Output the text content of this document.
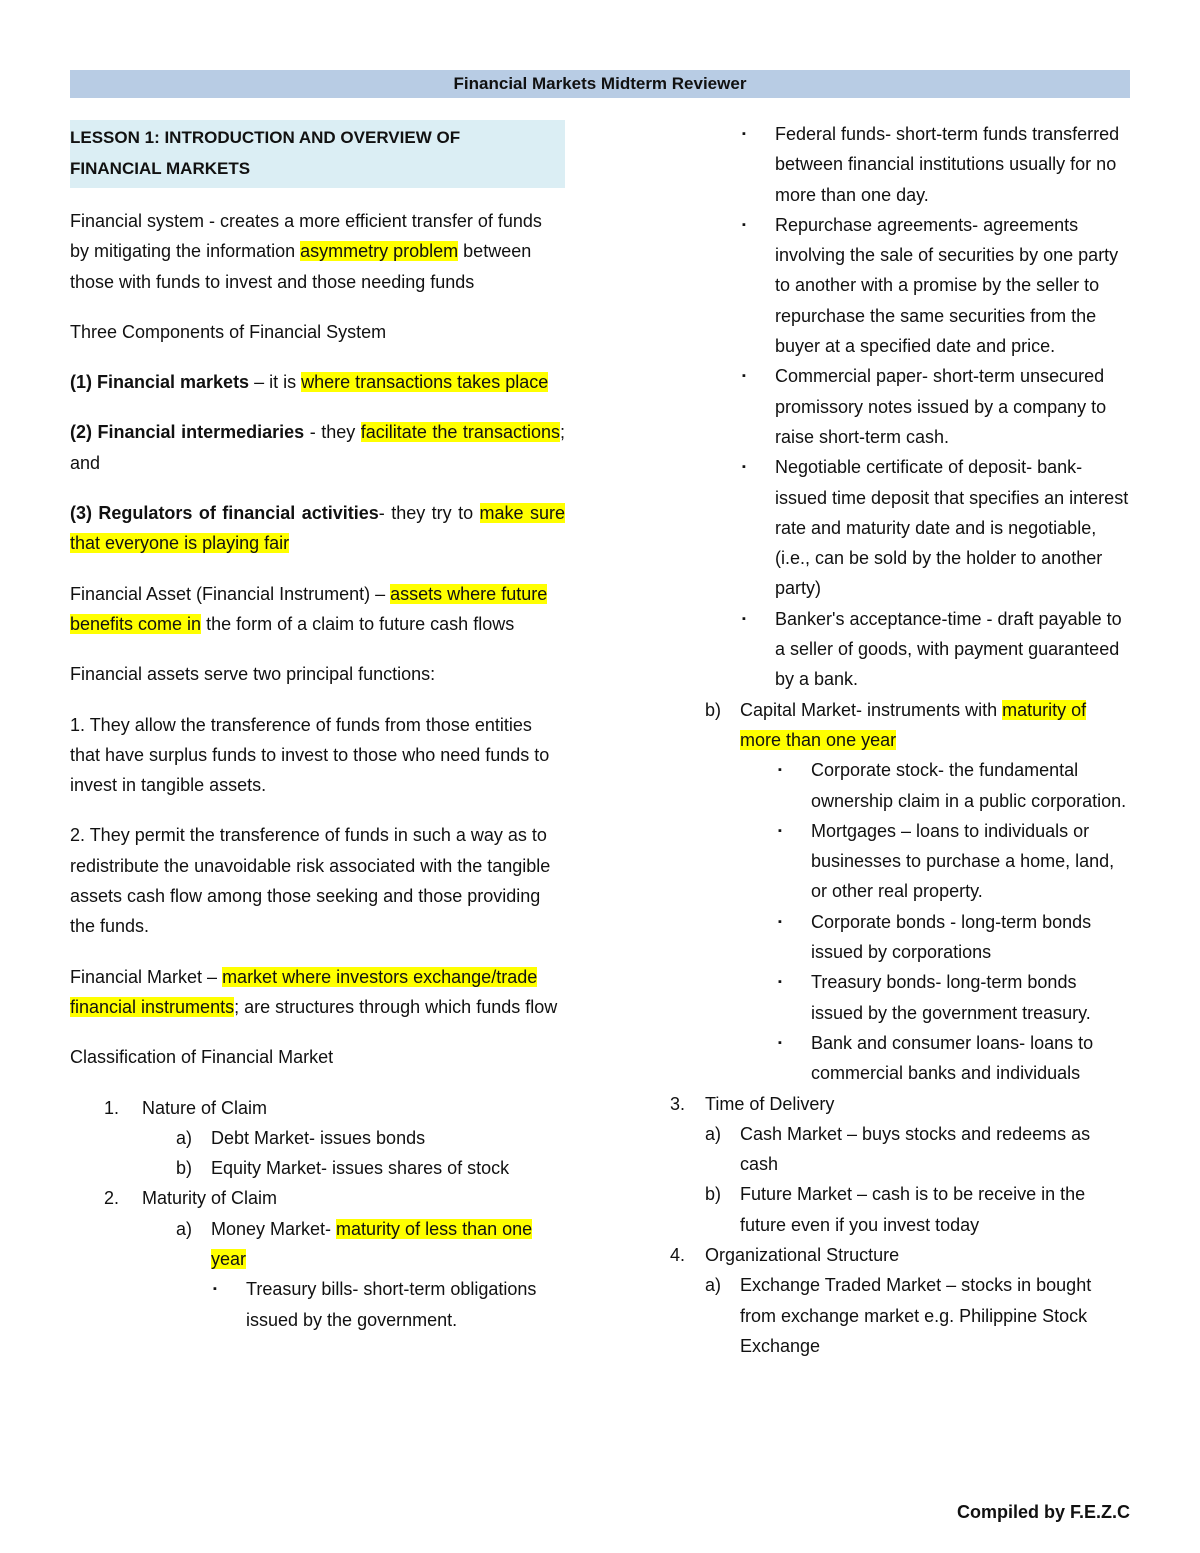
Financial Markets Midterm Reviewer
LESSON 1: INTRODUCTION AND OVERVIEW OF
FINANCIAL MARKETS

Financial system - creates a more efficient transfer of funds by mitigating the information asymmetry problem between those with funds to invest and those needing funds

Three Components of Financial System

(1) Financial markets – it is where transactions takes place

(2) Financial intermediaries - they facilitate the transactions; and

(3) Regulators of financial activities- they try to make sure that everyone is playing fair

Financial Asset (Financial Instrument) – assets where future benefits come in the form of a claim to future cash flows

Financial assets serve two principal functions:

1. They allow the transference of funds from those entities that have surplus funds to invest to those who need funds to invest in tangible assets.

2. They permit the transference of funds in such a way as to redistribute the unavoidable risk associated with the tangible assets cash flow among those seeking and those providing the funds.

Financial Market – market where investors exchange/trade financial instruments; are structures through which funds flow

Classification of Financial Market

1. Nature of Claim
a) Debt Market- issues bonds
b) Equity Market- issues shares of stock
2. Maturity of Claim
a) Money Market- maturity of less than one year
▪ Treasury bills- short-term obligations issued by the government.
▪ Federal funds- short-term funds transferred between financial institutions usually for no more than one day.
▪ Repurchase agreements- agreements involving the sale of securities by one party to another with a promise by the seller to repurchase the same securities from the buyer at a specified date and price.
▪ Commercial paper- short-term unsecured promissory notes issued by a company to raise short-term cash.
▪ Negotiable certificate of deposit- bank-issued time deposit that specifies an interest rate and maturity date and is negotiable, (i.e., can be sold by the holder to another party)
▪ Banker's acceptance-time - draft payable to a seller of goods, with payment guaranteed by a bank.
b) Capital Market- instruments with maturity of more than one year
▪ Corporate stock- the fundamental ownership claim in a public corporation.
▪ Mortgages – loans to individuals or businesses to purchase a home, land, or other real property.
▪ Corporate bonds - long-term bonds issued by corporations
▪ Treasury bonds- long-term bonds issued by the government treasury.
▪ Bank and consumer loans- loans to commercial banks and individuals
3. Time of Delivery
a) Cash Market – buys stocks and redeems as cash
b) Future Market – cash is to be receive in the future even if you invest today
4. Organizational Structure
a) Exchange Traded Market – stocks in bought from exchange market e.g. Philippine Stock Exchange
Compiled by F.E.Z.C
